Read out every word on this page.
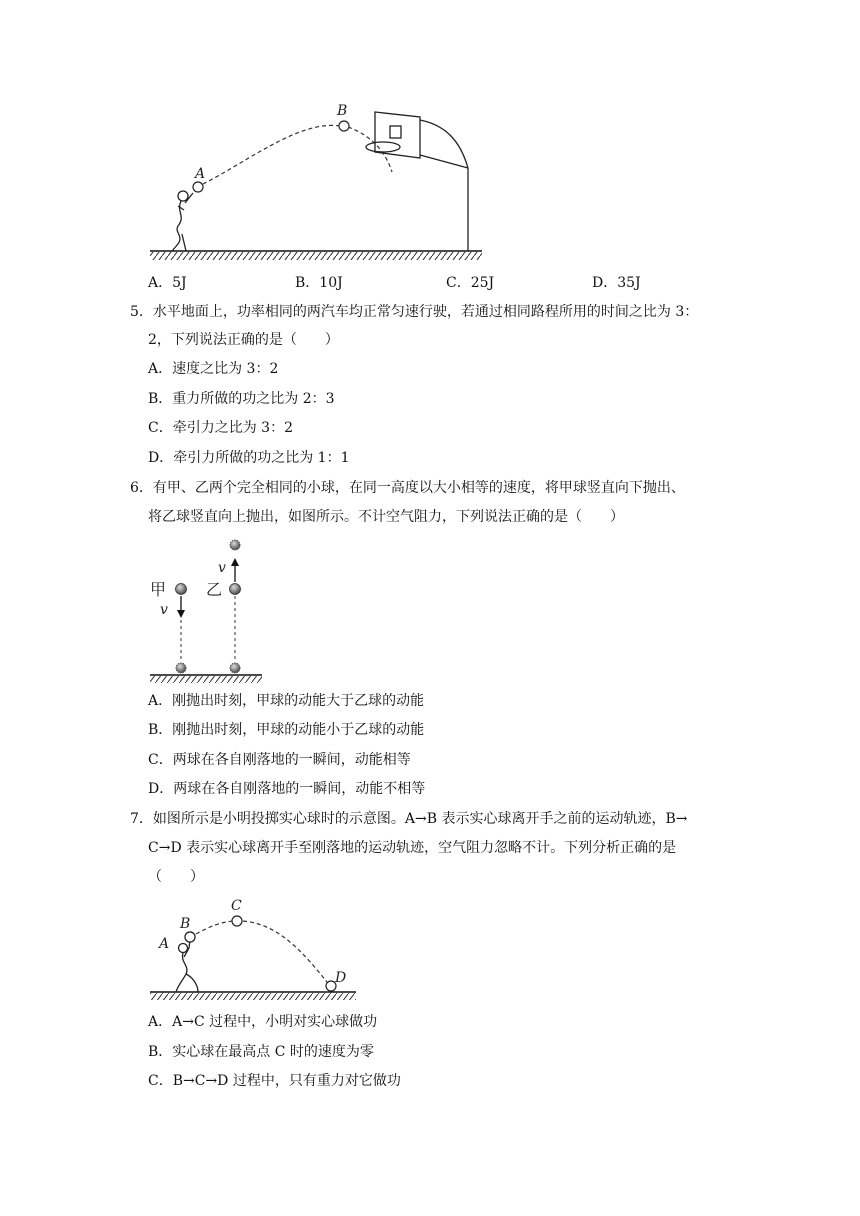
A
B
A．5J	B．10J	C．25J	D．35J
5．水平地面上，功率相同的两汽车均正常匀速行驶，若通过相同路程所用的时间之比为 3：
2，下列说法正确的是（　　）
A．速度之比为 3：2
B．重力所做的功之比为 2：3
C．牵引力之比为 3：2
D．牵引力所做的功之比为 1：1
6．有甲、乙两个完全相同的小球，在同一高度以大小相等的速度，将甲球竖直向下抛出、
将乙球竖直向上抛出，如图所示。不计空气阻力，下列说法正确的是（　　）
甲
v
乙
v
A．刚抛出时刻，甲球的动能大于乙球的动能
B．刚抛出时刻，甲球的动能小于乙球的动能
C．两球在各自刚落地的一瞬间，动能相等
D．两球在各自刚落地的一瞬间，动能不相等
7．如图所示是小明投掷实心球时的示意图。A→B 表示实心球离开手之前的运动轨迹，B→
C→D 表示实心球离开手至刚落地的运动轨迹，空气阻力忽略不计。下列分析正确的是
（　　）
A
B
C
D
A．A→C 过程中，小明对实心球做功
B．实心球在最高点 C 时的速度为零
C．B→C→D 过程中，只有重力对它做功
